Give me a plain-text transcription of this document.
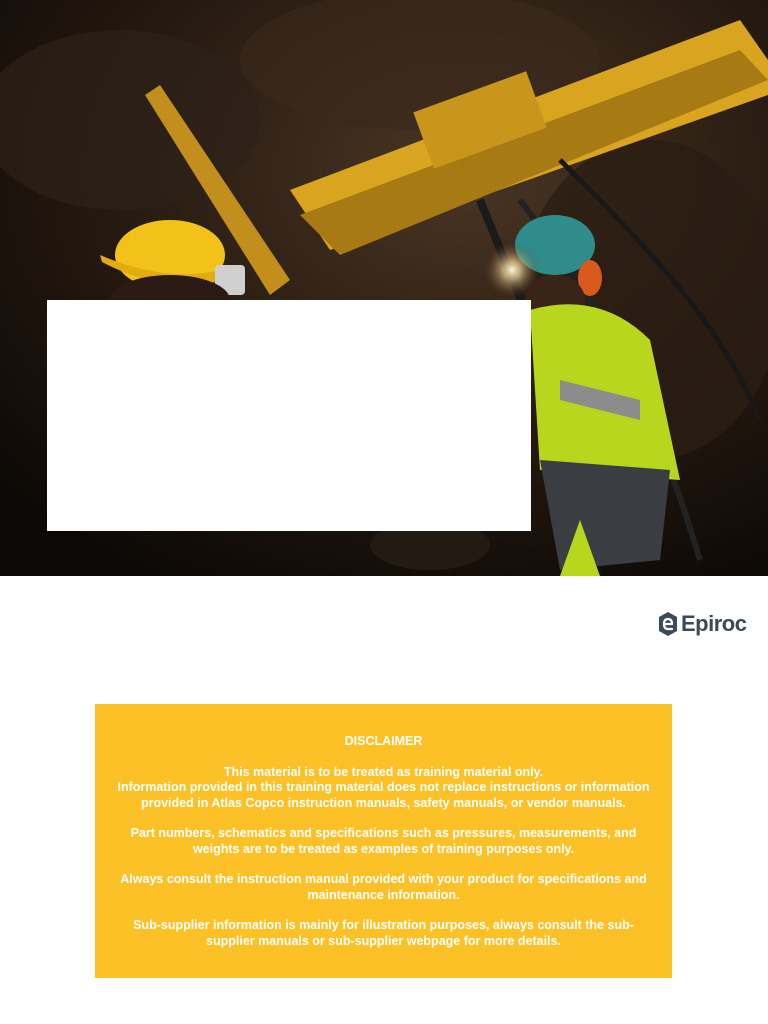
Epiroc
DISCLAIMER

This material is to be treated as training material only.
Information provided in this training material does not replace instructions or information provided in Atlas Copco instruction manuals, safety manuals, or vendor manuals.

Part numbers, schematics and specifications such as pressures, measurements, and weights are to be treated as examples of training purposes only.

Always consult the instruction manual provided with your product for specifications and maintenance information.

Sub-supplier information is mainly for illustration purposes, always consult the sub-supplier manuals or sub-supplier webpage for more details.
